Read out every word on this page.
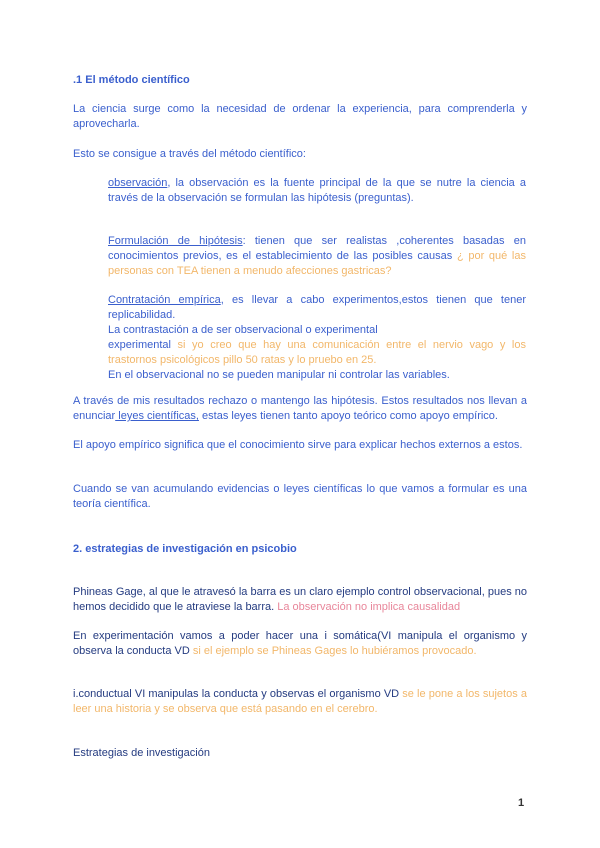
.1 El método científico

La ciencia surge como la necesidad de ordenar la experiencia, para comprenderla y aprovecharla.

Esto se consigue a través del método científico:

observación, la observación es la fuente principal de la que se nutre la ciencia a través de la observación se formulan las hipótesis (preguntas).

Formulación de hipótesis: tienen que ser realistas ,coherentes basadas en conocimientos previos, es el establecimiento de las posibles causas ¿ por qué las personas con TEA tienen a menudo afecciones gastricas?

Contratación empírica, es llevar a cabo experimentos,estos tienen que tener replicabilidad.
La contrastación a de ser observacional o experimental
experimental si yo creo que hay una comunicación entre el nervio vago y los trastornos psicológicos pillo 50 ratas y lo pruebo en 25.
En el observacional no se pueden manipular ni controlar las variables.

A través de mis resultados rechazo o mantengo las hipótesis. Estos resultados nos llevan a enunciar leyes científicas, estas leyes tienen tanto apoyo teórico como apoyo empírico.

El apoyo empírico significa que el conocimiento sirve para explicar hechos externos a estos.

Cuando se van acumulando evidencias o leyes científicas lo que vamos a formular es una teoría científica.

2. estrategias de investigación en psicobio

Phineas Gage, al que le atravesó la barra es un claro ejemplo control observacional, pues no hemos decidido que le atraviese la barra. La observación no implica causalidad

En experimentación vamos a poder hacer una i somática(VI manipula el organismo y observa la conducta VD si el ejemplo se Phineas Gages lo hubiéramos provocado.

i.conductual VI manipulas la conducta y observas el organismo VD se le pone a los sujetos a leer una historia y se observa que está pasando en el cerebro.

Estrategias de investigación

1
